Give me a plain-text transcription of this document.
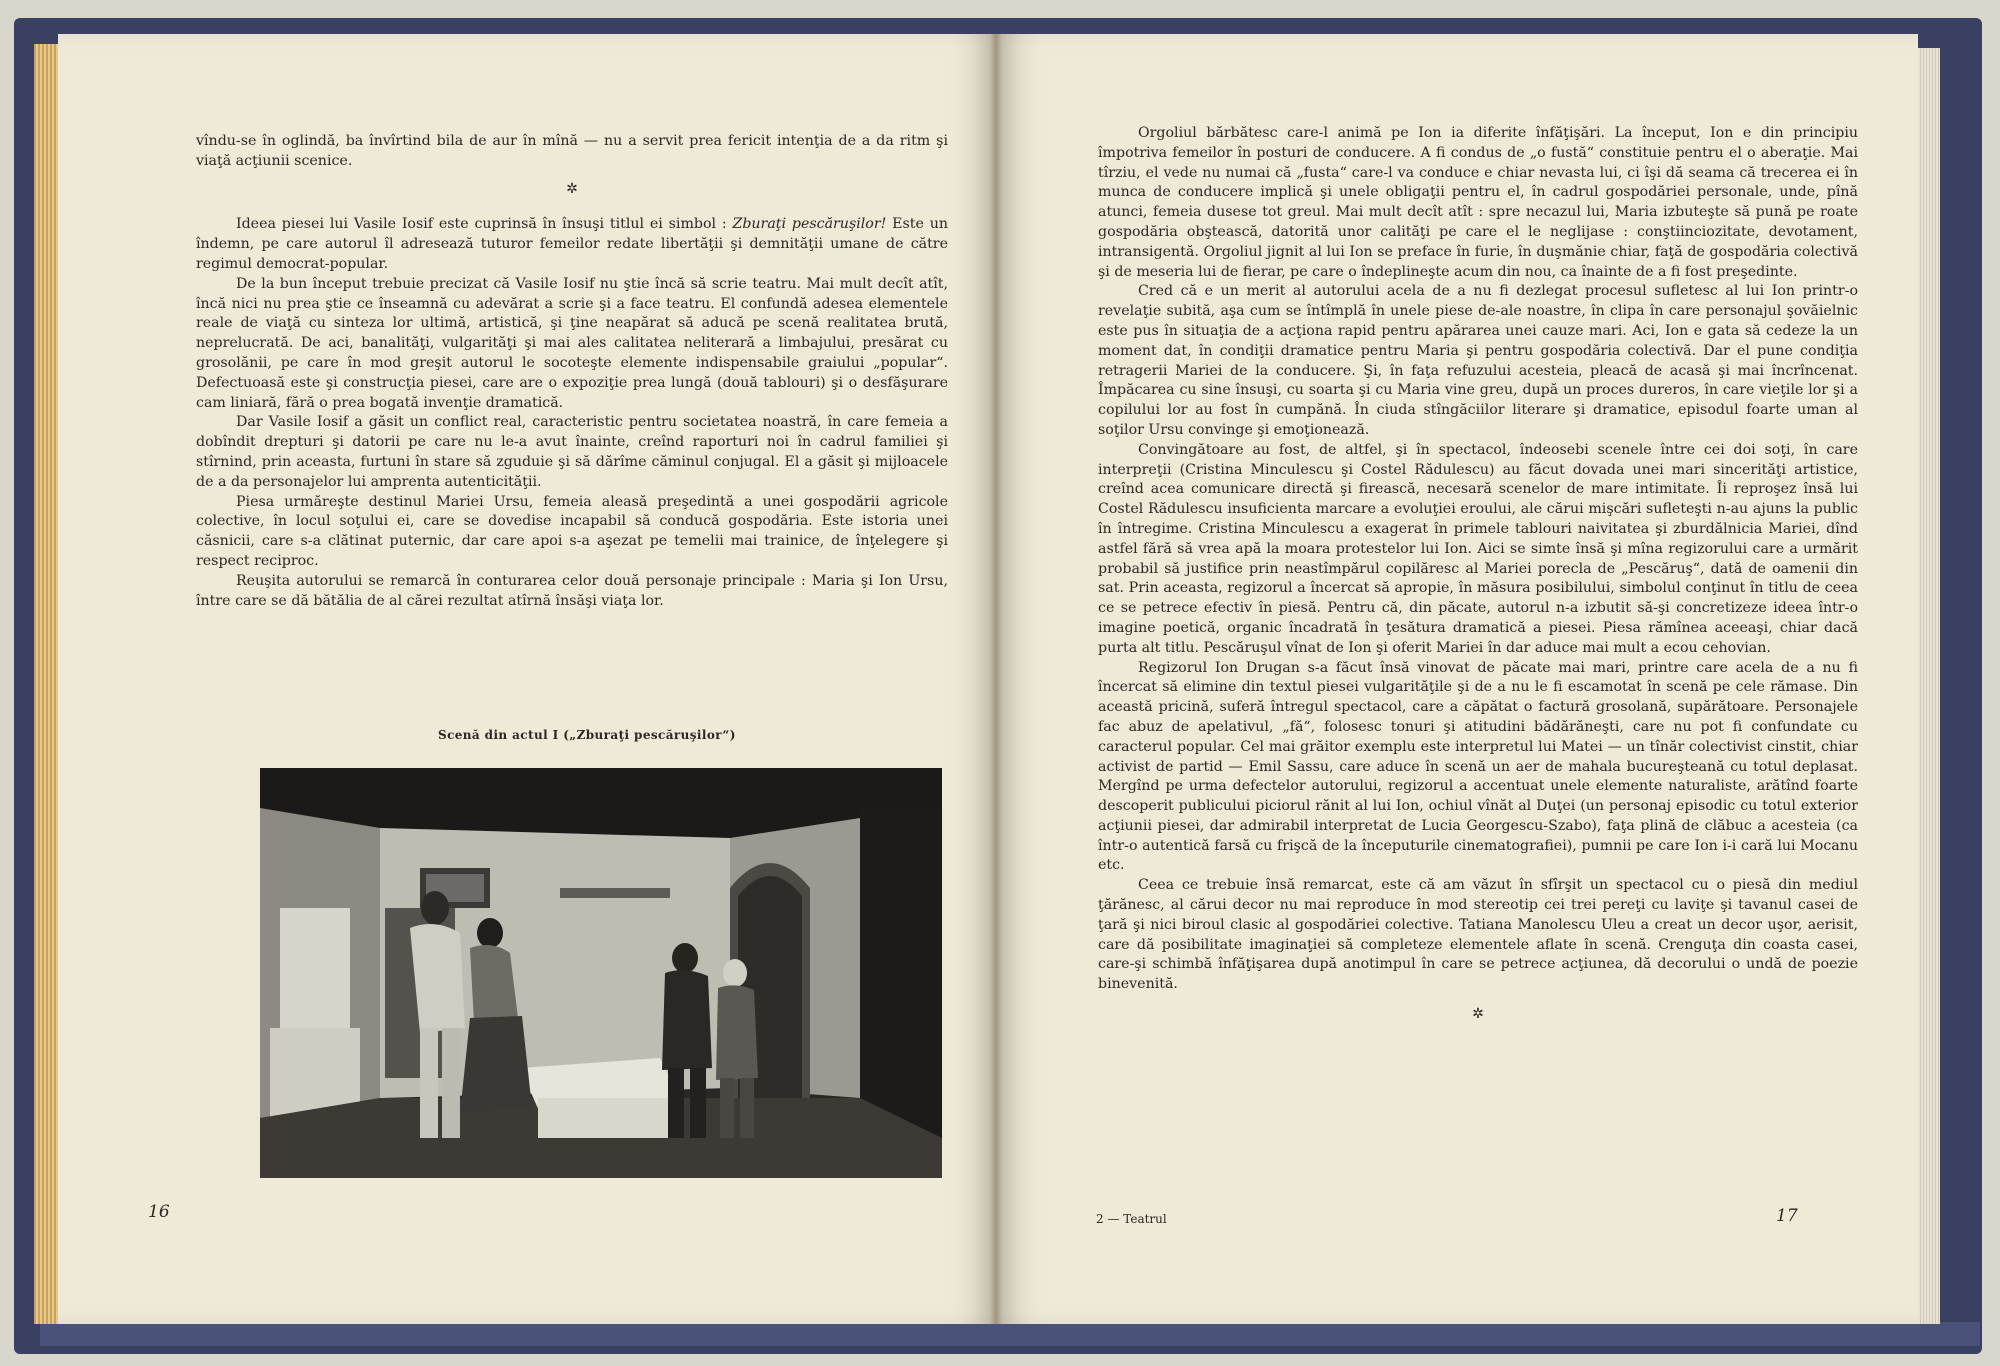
vîndu-se în oglindă, ba învîrtind bila de aur în mînă — nu a servit prea fericit intenţia de a da ritm şi viaţă acţiunii scenice.

✲

Ideea piesei lui Vasile Iosif este cuprinsă în însuşi titlul ei simbol : Zburaţi pescăruşilor! Este un îndemn, pe care autorul îl adresează tuturor femeilor redate libertăţii şi demnităţii umane de către regimul democrat-popular.

De la bun început trebuie precizat că Vasile Iosif nu ştie încă să scrie teatru. Mai mult decît atît, încă nici nu prea ştie ce înseamnă cu adevărat a scrie şi a face teatru. El confundă adesea elementele reale de viaţă cu sinteza lor ultimă, artistică, şi ţine neapărat să aducă pe scenă realitatea brută, neprelucrată. De aci, banalităţi, vulgarităţi şi mai ales calitatea neliterară a limbajului, presărat cu grosolănii, pe care în mod greşit autorul le socoteşte elemente indispensabile graiului „popular“. Defectuoasă este şi construcţia piesei, care are o expoziţie prea lungă (două tablouri) şi o desfăşurare cam liniară, fără o prea bogată invenţie dramatică.

Dar Vasile Iosif a găsit un conflict real, caracteristic pentru societatea noastră, în care femeia a dobîndit drepturi şi datorii pe care nu le-a avut înainte, creînd raporturi noi în cadrul familiei şi stîrnind, prin aceasta, furtuni în stare să zguduie şi să dărîme căminul conjugal. El a găsit şi mijloacele de a da personajelor lui amprenta autenticităţii.

Piesa urmăreşte destinul Mariei Ursu, femeia aleasă preşedintă a unei gospodării agricole colective, în locul soţului ei, care se dovedise incapabil să conducă gospodăria. Este istoria unei căsnicii, care s-a clătinat puternic, dar care apoi s-a aşezat pe temelii mai trainice, de înţelegere şi respect reciproc.

Reuşita autorului se remarcă în conturarea celor două personaje principale : Maria şi Ion Ursu, între care se dă bătălia de al cărei rezultat atîrnă însăşi viaţa lor.

Scenă din actul I („Zburaţi pescăruşilor“)
16

Orgoliul bărbătesc care-l animă pe Ion ia diferite înfăţişări. La început, Ion e din principiu împotriva femeilor în posturi de conducere. A fi condus de „o fustă“ constituie pentru el o aberaţie. Mai tîrziu, el vede nu numai că „fusta“ care-l va conduce e chiar nevasta lui, ci îşi dă seama că trecerea ei în munca de conducere implică şi unele obligaţii pentru el, în cadrul gospodăriei personale, unde, pînă atunci, femeia dusese tot greul. Mai mult decît atît : spre necazul lui, Maria izbuteşte să pună pe roate gospodăria obştească, datorită unor calităţi pe care el le neglijase : conştiinciozitate, devotament, intransigentă. Orgoliul jignit al lui Ion se preface în furie, în duşmănie chiar, faţă de gospodăria colectivă şi de meseria lui de fierar, pe care o îndeplineşte acum din nou, ca înainte de a fi fost preşedinte.

Cred că e un merit al autorului acela de a nu fi dezlegat procesul sufletesc al lui Ion printr-o revelaţie subită, aşa cum se întîmplă în unele piese de-ale noastre, în clipa în care personajul şovăielnic este pus în situaţia de a acţiona rapid pentru apărarea unei cauze mari. Aci, Ion e gata să cedeze la un moment dat, în condiţii dramatice pentru Maria şi pentru gospodăria colectivă. Dar el pune condiţia retragerii Mariei de la conducere. Şi, în faţa refuzului acesteia, pleacă de acasă şi mai încrîncenat. Împăcarea cu sine însuşi, cu soarta şi cu Maria vine greu, după un proces dureros, în care vieţile lor şi a copilului lor au fost în cumpănă. În ciuda stîngăciilor literare şi dramatice, episodul foarte uman al soţilor Ursu convinge şi emoţionează.

Convingătoare au fost, de altfel, şi în spectacol, îndeosebi scenele între cei doi soţi, în care interpreţii (Cristina Minculescu şi Costel Rădulescu) au făcut dovada unei mari sincerităţi artistice, creînd acea comunicare directă şi firească, necesară scenelor de mare intimitate. Îi reproşez însă lui Costel Rădulescu insuficienta marcare a evoluţiei eroului, ale cărui mişcări sufleteşti n-au ajuns la public în întregime. Cristina Minculescu a exagerat în primele tablouri naivitatea şi zburdălnicia Mariei, dînd astfel fără să vrea apă la moara protestelor lui Ion. Aici se simte însă şi mîna regizorului care a urmărit probabil să justifice prin neastîmpărul copilăresc al Mariei porecla de „Pescăruş“, dată de oamenii din sat. Prin aceasta, regizorul a încercat să apropie, în măsura posibilului, simbolul conţinut în titlu de ceea ce se petrece efectiv în piesă. Pentru că, din păcate, autorul n-a izbutit să-şi concretizeze ideea într-o imagine poetică, organic încadrată în ţesătura dramatică a piesei. Piesa rămînea aceeaşi, chiar dacă purta alt titlu. Pescăruşul vînat de Ion şi oferit Mariei în dar aduce mai mult a ecou cehovian.

Regizorul Ion Drugan s-a făcut însă vinovat de păcate mai mari, printre care acela de a nu fi încercat să elimine din textul piesei vulgarităţile şi de a nu le fi escamotat în scenă pe cele rămase. Din această pricină, suferă întregul spectacol, care a căpătat o factură grosolană, supărătoare. Personajele fac abuz de apelativul, „fă“, folosesc tonuri şi atitudini bădărăneşti, care nu pot fi confundate cu caracterul popular. Cel mai grăitor exemplu este interpretul lui Matei — un tînăr colectivist cinstit, chiar activist de partid — Emil Sassu, care aduce în scenă un aer de mahala bucureşteană cu totul deplasat. Mergînd pe urma defectelor autorului, regizorul a accentuat unele elemente naturaliste, arătînd foarte descoperit publicului piciorul rănit al lui Ion, ochiul vînăt al Duţei (un personaj episodic cu totul exterior acţiunii piesei, dar admirabil interpretat de Lucia Georgescu-Szabo), faţa plină de clăbuc a acesteia (ca într-o autentică farsă cu frişcă de la începuturile cinematografiei), pumnii pe care Ion i-i cară lui Mocanu etc.

Ceea ce trebuie însă remarcat, este că am văzut în sfîrşit un spectacol cu o piesă din mediul ţărănesc, al cărui decor nu mai reproduce în mod stereotip cei trei pereţi cu laviţe şi tavanul casei de ţară şi nici biroul clasic al gospodăriei colective. Tatiana Manolescu Uleu a creat un decor uşor, aerisit, care dă posibilitate imaginaţiei să completeze elementele aflate în scenă. Crenguţa din coasta casei, care-şi schimbă înfăţişarea după anotimpul în care se petrece acţiunea, dă decorului o undă de poezie binevenită.

✲
2 — Teatrul	17
